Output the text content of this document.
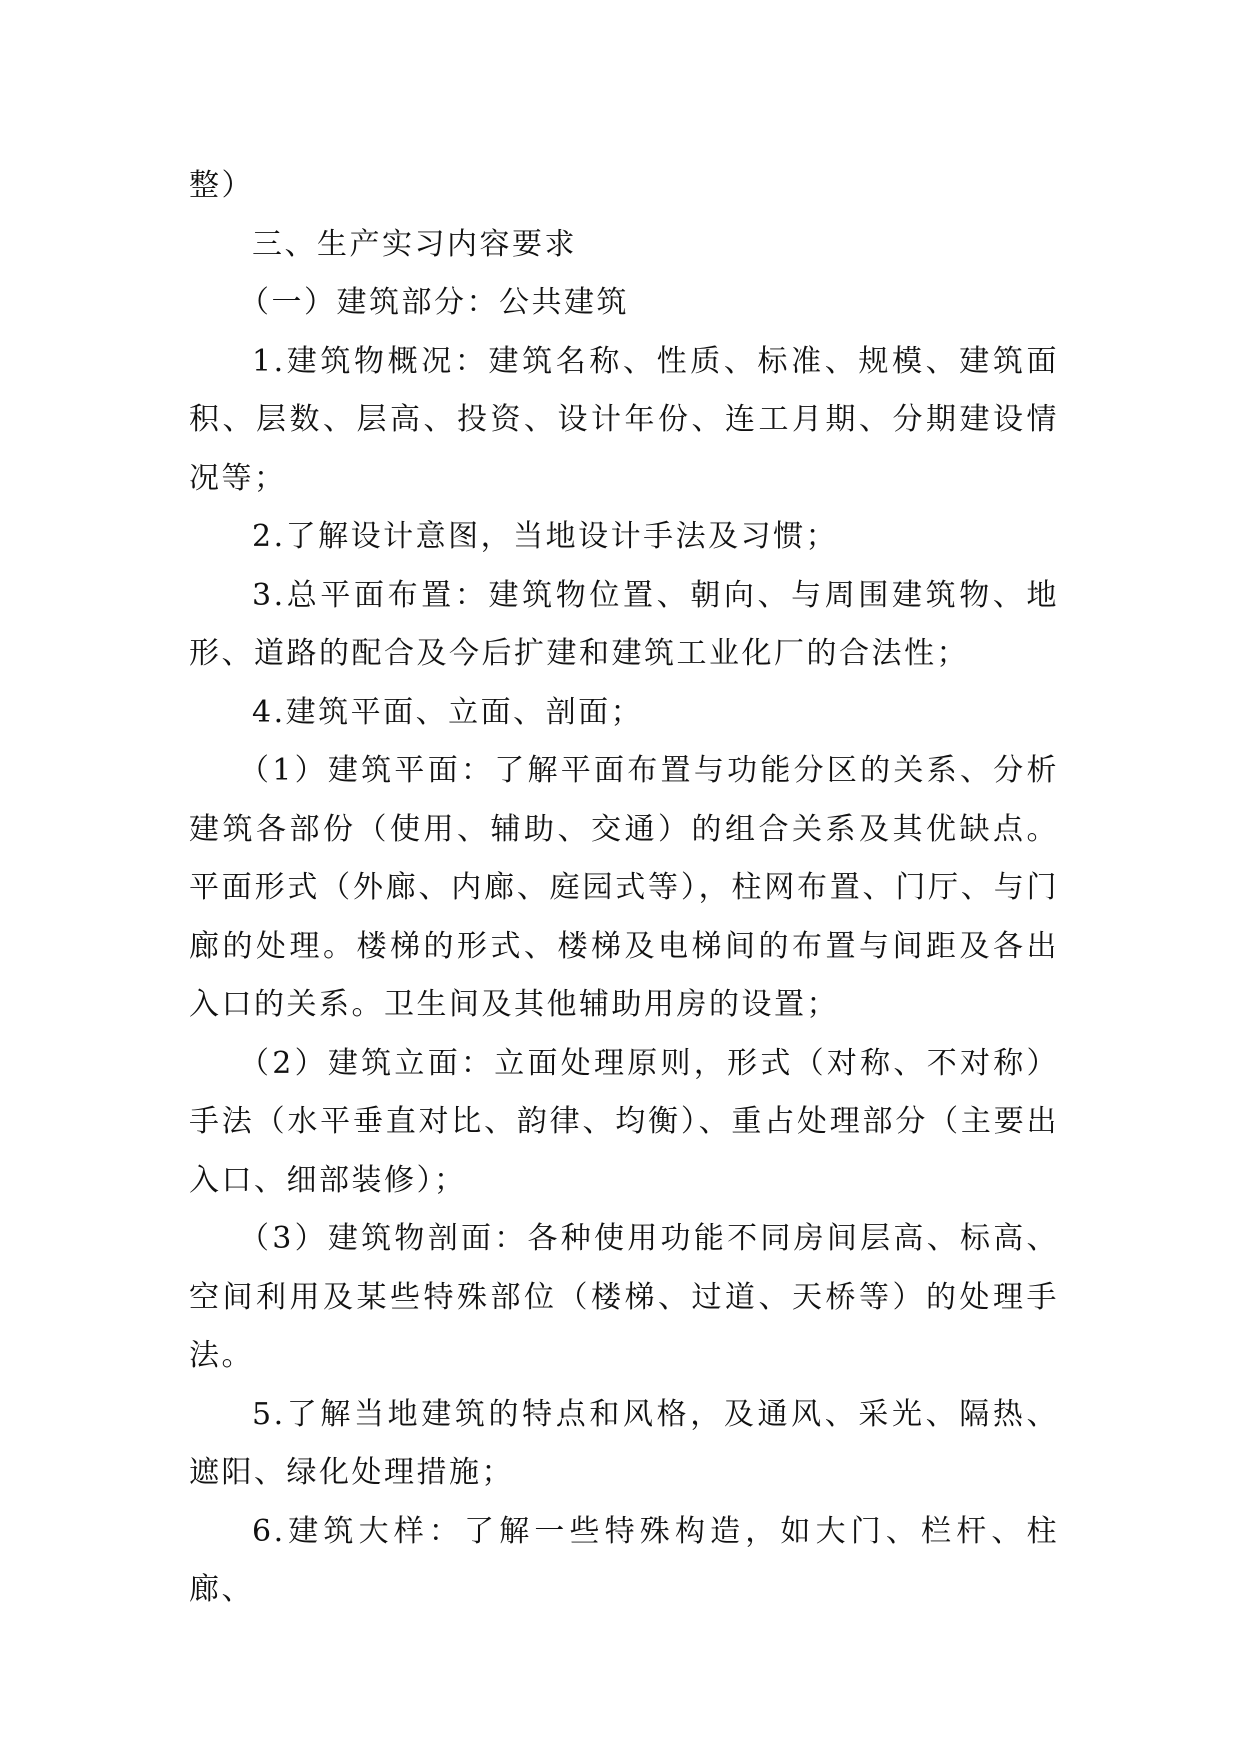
整）

三、生产实习内容要求

（一）建筑部分：公共建筑

1.建筑物概况：建筑名称、性质、标准、规模、建筑面积、层数、层高、投资、设计年份、连工月期、分期建设情况等；

2.了解设计意图，当地设计手法及习惯；

3.总平面布置：建筑物位置、朝向、与周围建筑物、地形、道路的配合及今后扩建和建筑工业化厂的合法性；

4.建筑平面、立面、剖面；

（1）建筑平面：了解平面布置与功能分区的关系、分析建筑各部份（使用、辅助、交通）的组合关系及其优缺点。平面形式（外廊、内廊、庭园式等），柱网布置、门厅、与门廊的处理。楼梯的形式、楼梯及电梯间的布置与间距及各出入口的关系。卫生间及其他辅助用房的设置；

（2）建筑立面：立面处理原则，形式（对称、不对称）手法（水平垂直对比、韵律、均衡）、重占处理部分（主要出入口、细部装修）；

（3）建筑物剖面：各种使用功能不同房间层高、标高、空间利用及某些特殊部位（楼梯、过道、天桥等）的处理手法。

5.了解当地建筑的特点和风格，及通风、采光、隔热、遮阳、绿化处理措施；

6.建筑大样：了解一些特殊构造，如大门、栏杆、柱廊、
